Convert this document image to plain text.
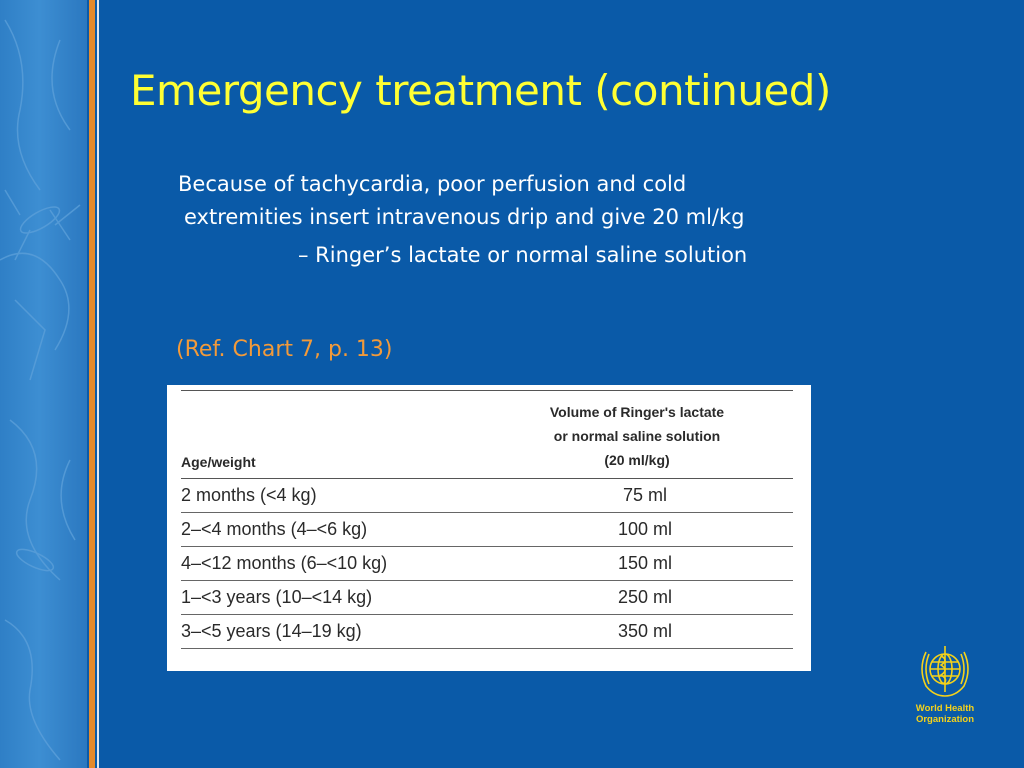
Emergency treatment (continued)
Because of tachycardia, poor perfusion and cold
extremities insert intravenous drip and give 20 ml/kg
– Ringer’s lactate or normal saline solution
(Ref. Chart 7, p. 13)
Age/weight	Volume of Ringer's lactate
or normal saline solution
(20 ml/kg)

2 months (<4 kg)	75 ml
2–<4 months (4–<6 kg)	100 ml
4–<12 months (6–<10 kg)	150 ml
1–<3 years (10–<14 kg)	250 ml
3–<5 years (14–19 kg)	350 ml
World Health
Organization
